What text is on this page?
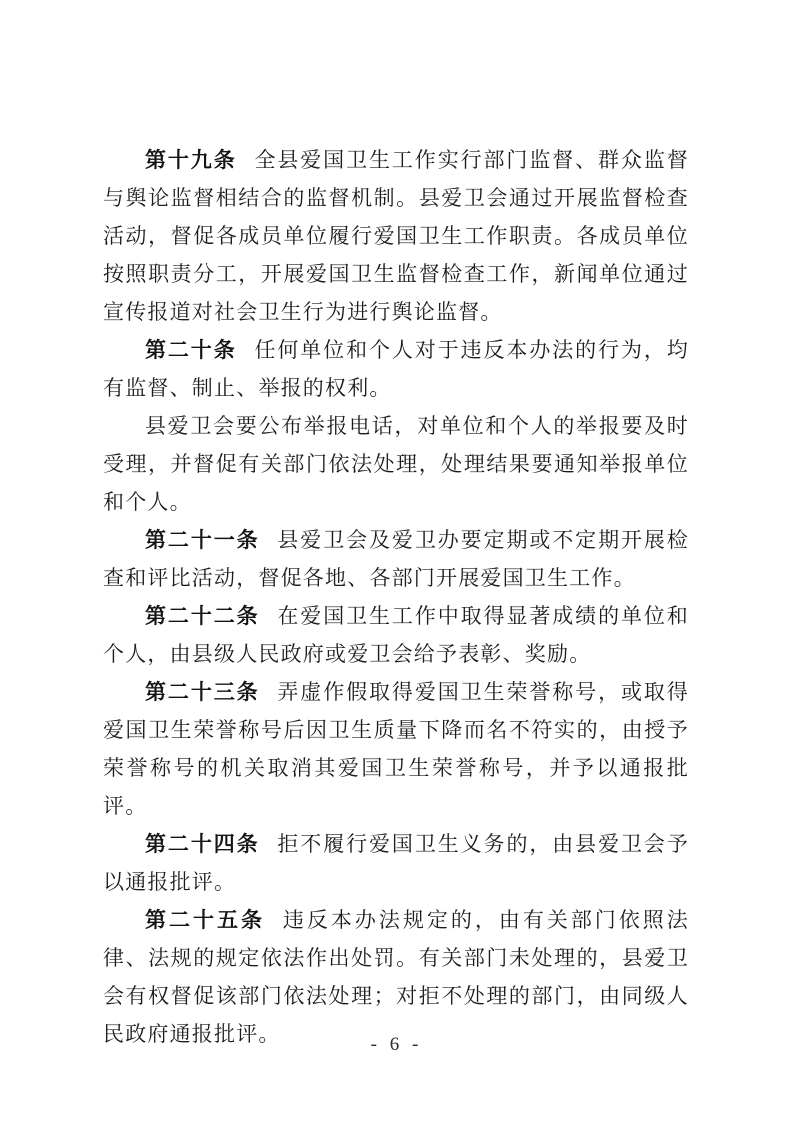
第十九条 全县爱国卫生工作实行部门监督、群众监督与舆论监督相结合的监督机制。县爱卫会通过开展监督检查活动，督促各成员单位履行爱国卫生工作职责。各成员单位按照职责分工，开展爱国卫生监督检查工作，新闻单位通过宣传报道对社会卫生行为进行舆论监督。

第二十条 任何单位和个人对于违反本办法的行为，均有监督、制止、举报的权利。

县爱卫会要公布举报电话，对单位和个人的举报要及时受理，并督促有关部门依法处理，处理结果要通知举报单位和个人。

第二十一条 县爱卫会及爱卫办要定期或不定期开展检查和评比活动，督促各地、各部门开展爱国卫生工作。

第二十二条 在爱国卫生工作中取得显著成绩的单位和个人，由县级人民政府或爱卫会给予表彰、奖励。

第二十三条 弄虚作假取得爱国卫生荣誉称号，或取得爱国卫生荣誉称号后因卫生质量下降而名不符实的，由授予荣誉称号的机关取消其爱国卫生荣誉称号，并予以通报批评。

第二十四条 拒不履行爱国卫生义务的，由县爱卫会予以通报批评。

第二十五条 违反本办法规定的，由有关部门依照法律、法规的规定依法作出处罚。有关部门未处理的，县爱卫会有权督促该部门依法处理；对拒不处理的部门，由同级人民政府通报批评。	- 6 -
